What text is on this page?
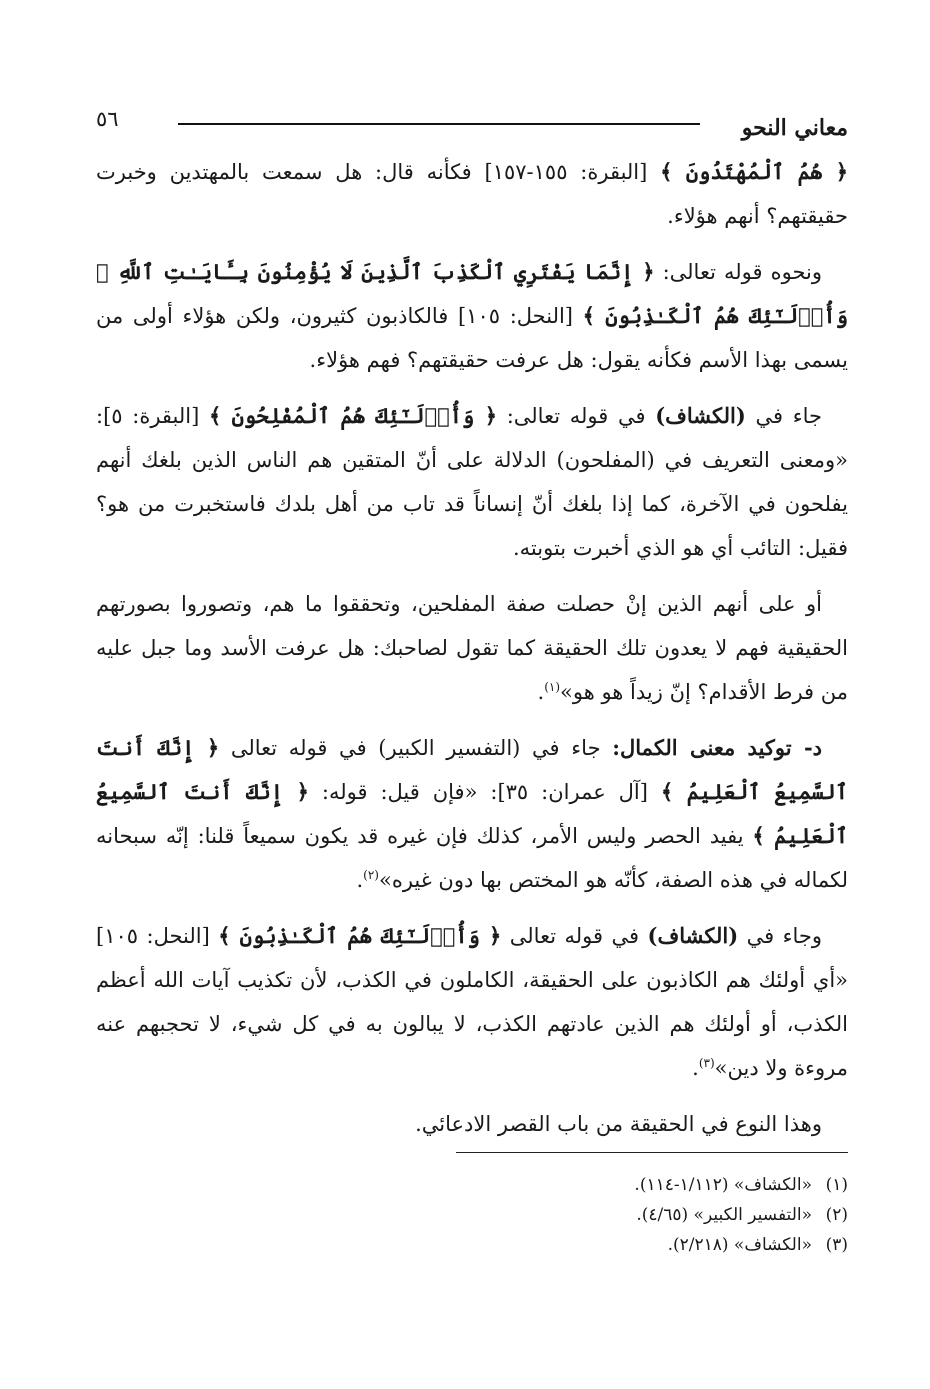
٥٦	معاني النحو

﴿ هُمُ ٱلْمُهْتَدُونَ ﴾ [البقرة: ١٥٥-١٥٧] فكأنه قال: هل سمعت بالمهتدين وخبرت حقيقتهم؟ أنهم هؤلاء.

ونحوه قوله تعالى: ﴿ إِنَّمَا يَفْتَرِي ٱلْكَذِبَ ٱلَّذِينَ لَا يُؤْمِنُونَ بِـَٔايَـٰتِ ٱللَّهِ ۖ وَأُو۟لَـٰٓئِكَ هُمُ ٱلْكَـٰذِبُونَ ﴾ [النحل: ١٠٥] فالكاذبون كثيرون، ولكن هؤلاء أولى من يسمى بهذا الأسم فكأنه يقول: هل عرفت حقيقتهم؟ فهم هؤلاء.

جاء في (الكشاف) في قوله تعالى: ﴿ وَأُو۟لَـٰٓئِكَ هُمُ ٱلْمُفْلِحُونَ ﴾ [البقرة: ٥]: «ومعنى التعريف في (المفلحون) الدلالة على أنّ المتقين هم الناس الذين بلغك أنهم يفلحون في الآخرة، كما إذا بلغك أنّ إنساناً قد تاب من أهل بلدك فاستخبرت من هو؟ فقيل: التائب أي هو الذي أخبرت بتوبته.

أو على أنهم الذين إنْ حصلت صفة المفلحين، وتحققوا ما هم، وتصوروا بصورتهم الحقيقية فهم لا يعدون تلك الحقيقة كما تقول لصاحبك: هل عرفت الأسد وما جبل عليه من فرط الأقدام؟ إنّ زيداً هو هو»$^{(١)}$.

د- توكيد معنى الكمال: جاء في (التفسير الكبير) في قوله تعالى ﴿ إِنَّكَ أَنتَ ٱلسَّمِيعُ ٱلْعَلِيمُ ﴾ [آل عمران: ٣٥]: «فإن قيل: قوله: ﴿ إِنَّكَ أَنتَ ٱلسَّمِيعُ ٱلْعَلِيمُ ﴾ يفيد الحصر وليس الأمر، كذلك فإن غيره قد يكون سميعاً قلنا: إنّه سبحانه لكماله في هذه الصفة، كأنّه هو المختص بها دون غيره»$^{(٢)}$.

وجاء في (الكشاف) في قوله تعالى ﴿ وَأُو۟لَـٰٓئِكَ هُمُ ٱلْكَـٰذِبُونَ ﴾ [النحل: ١٠٥] «أي أولئك هم الكاذبون على الحقيقة، الكاملون في الكذب، لأن تكذيب آيات الله أعظم الكذب، أو أولئك هم الذين عادتهم الكذب، لا يبالون به في كل شيء، لا تحجبهم عنه مروءة ولا دين»$^{(٣)}$.

وهذا النوع في الحقيقة من باب القصر الادعائي.

(١)«الكشاف» (١/١١٢-١١٤).

(٢)«التفسير الكبير» (٤/٦٥).

(٣)«الكشاف» (٢/٢١٨).
